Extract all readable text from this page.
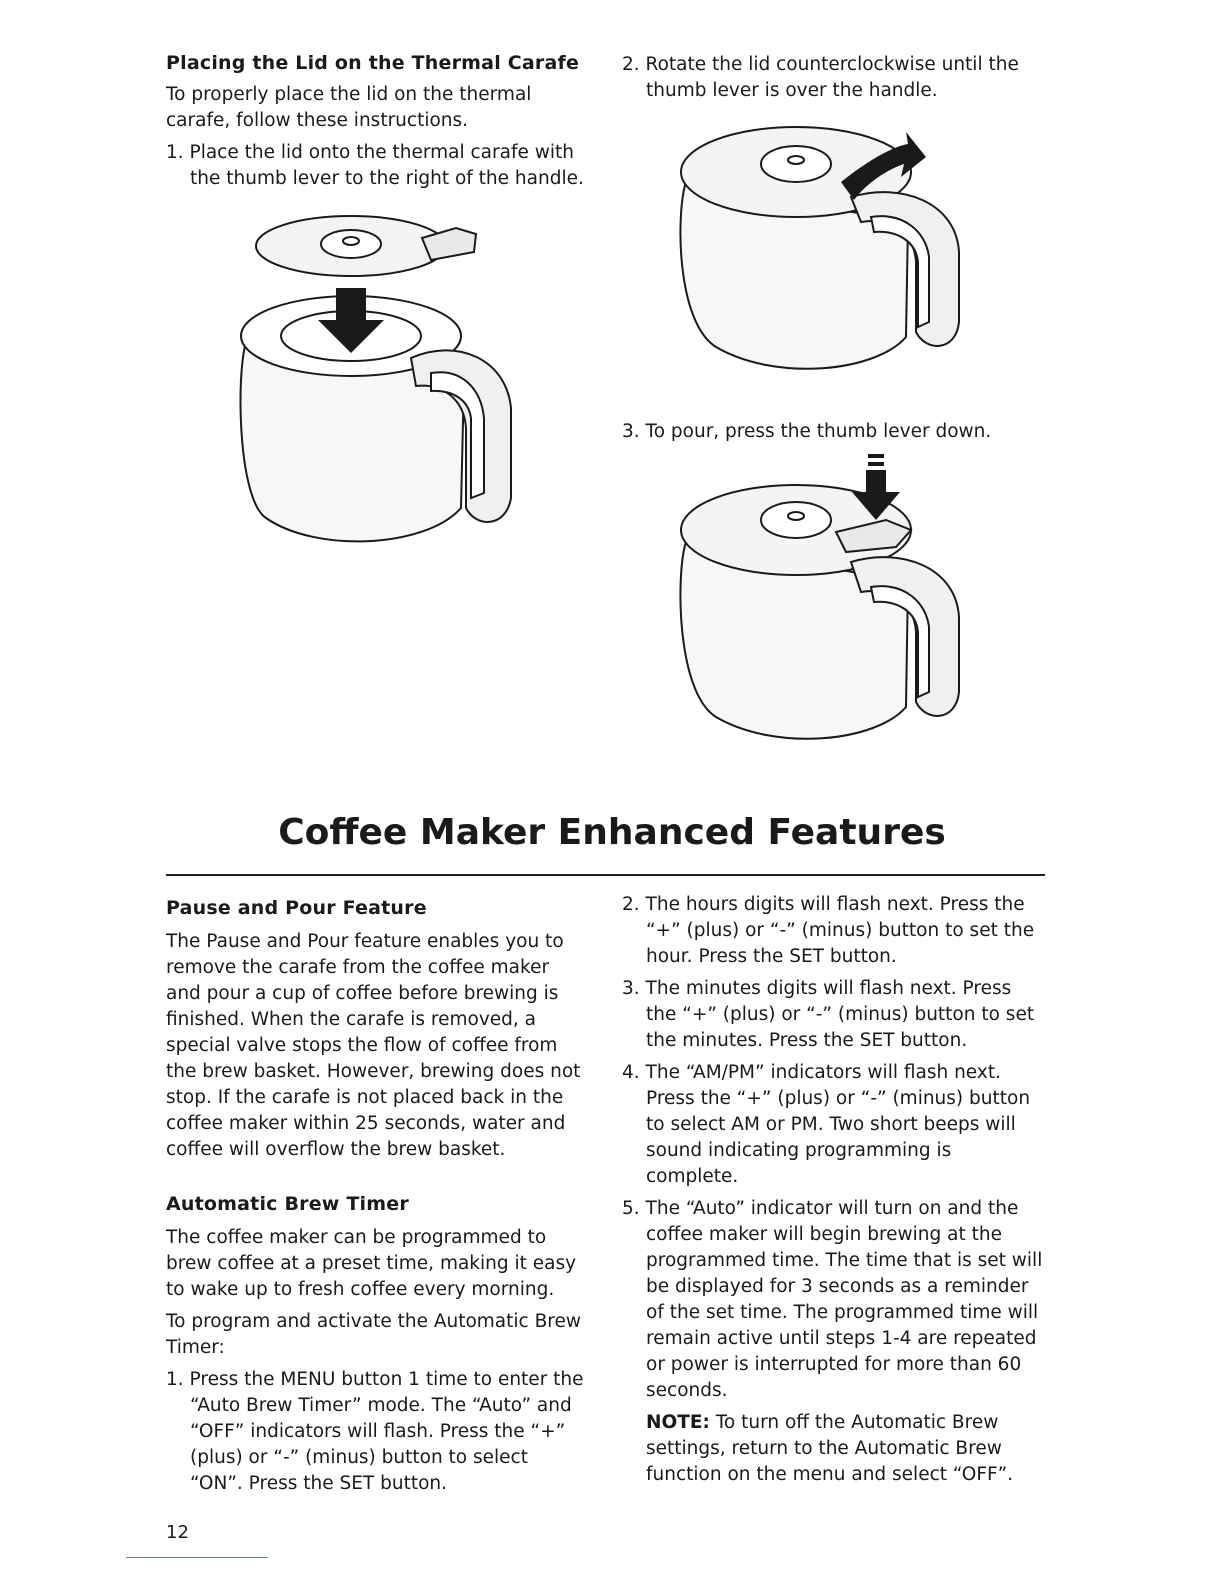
Placing the Lid on the Thermal Carafe

To properly place the lid on the thermal carafe, follow these instructions.

1. Place the lid onto the thermal carafe with the thumb lever to the right of the handle.

2. Rotate the lid counterclockwise until the thumb lever is over the handle.

3. To pour, press the thumb lever down.

Coffee Maker Enhanced Features

Pause and Pour Feature

The Pause and Pour feature enables you to remove the carafe from the coffee maker and pour a cup of coffee before brewing is finished. When the carafe is removed, a special valve stops the flow of coffee from the brew basket. However, brewing does not stop. If the carafe is not placed back in the coffee maker within 25 seconds, water and coffee will overflow the brew basket.

Automatic Brew Timer

The coffee maker can be programmed to brew coffee at a preset time, making it easy to wake up to fresh coffee every morning.

To program and activate the Automatic Brew Timer:

1. Press the MENU button 1 time to enter the “Auto Brew Timer” mode. The “Auto” and “OFF” indicators will flash. Press the “+” (plus) or “-” (minus) button to select “ON”. Press the SET button.

2. The hours digits will flash next. Press the “+” (plus) or “-” (minus) button to set the hour. Press the SET button.

3. The minutes digits will flash next. Press the “+” (plus) or “-” (minus) button to set the minutes. Press the SET button.

4. The “AM/PM” indicators will flash next. Press the “+” (plus) or “-” (minus) button to select AM or PM. Two short beeps will sound indicating programming is complete.

5. The “Auto” indicator will turn on and the coffee maker will begin brewing at the programmed time. The time that is set will be displayed for 3 seconds as a reminder of the set time. The programmed time will remain active until steps 1-4 are repeated or power is interrupted for more than 60 seconds.

NOTE: To turn off the Automatic Brew settings, return to the Automatic Brew function on the menu and select “OFF”.

12
